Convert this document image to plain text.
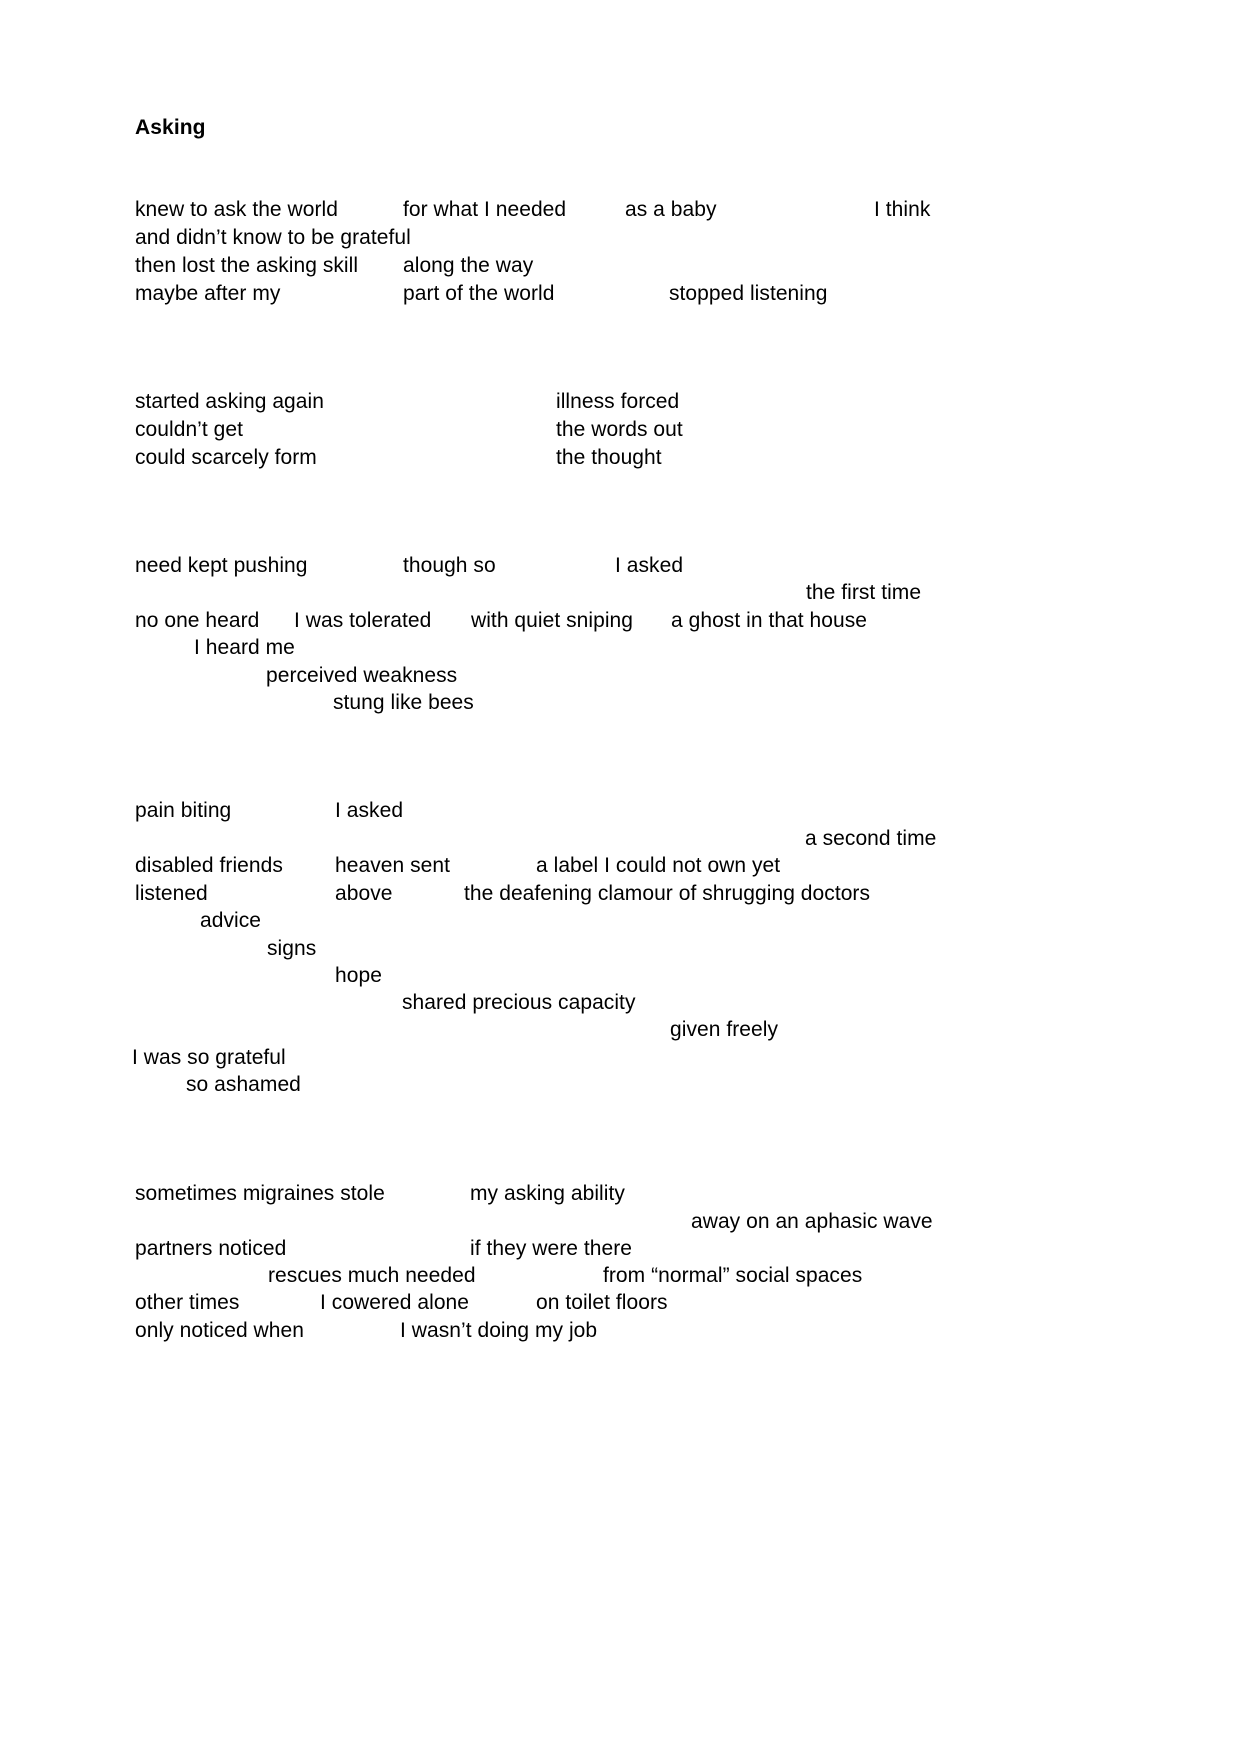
Asking
knew to ask the world	for what I needed	as a baby	I think
and didn’t know to be grateful
then lost the asking skill along the way
maybe after my	part of the world	stopped listening
started asking again	illness forced
couldn’t get	the words out
could scarcely form	the thought
need kept pushing	though so	I asked
the first time
no one heard I was tolerated with quiet sniping a ghost in that house
I heard me
perceived weakness
stung like bees
pain biting	I asked
a second time
disabled friends heaven sent	a label I could not own yet
listened	above	the deafening clamour of shrugging doctors
advice
signs
hope
shared precious capacity
given freely
I was so grateful
so ashamed
sometimes migraines stole	my asking ability
away on an aphasic wave
partners noticed	if they were there
rescues much needed	from “normal” social spaces
other times	I cowered alone	on toilet floors
only noticed when	I wasn’t doing my job
